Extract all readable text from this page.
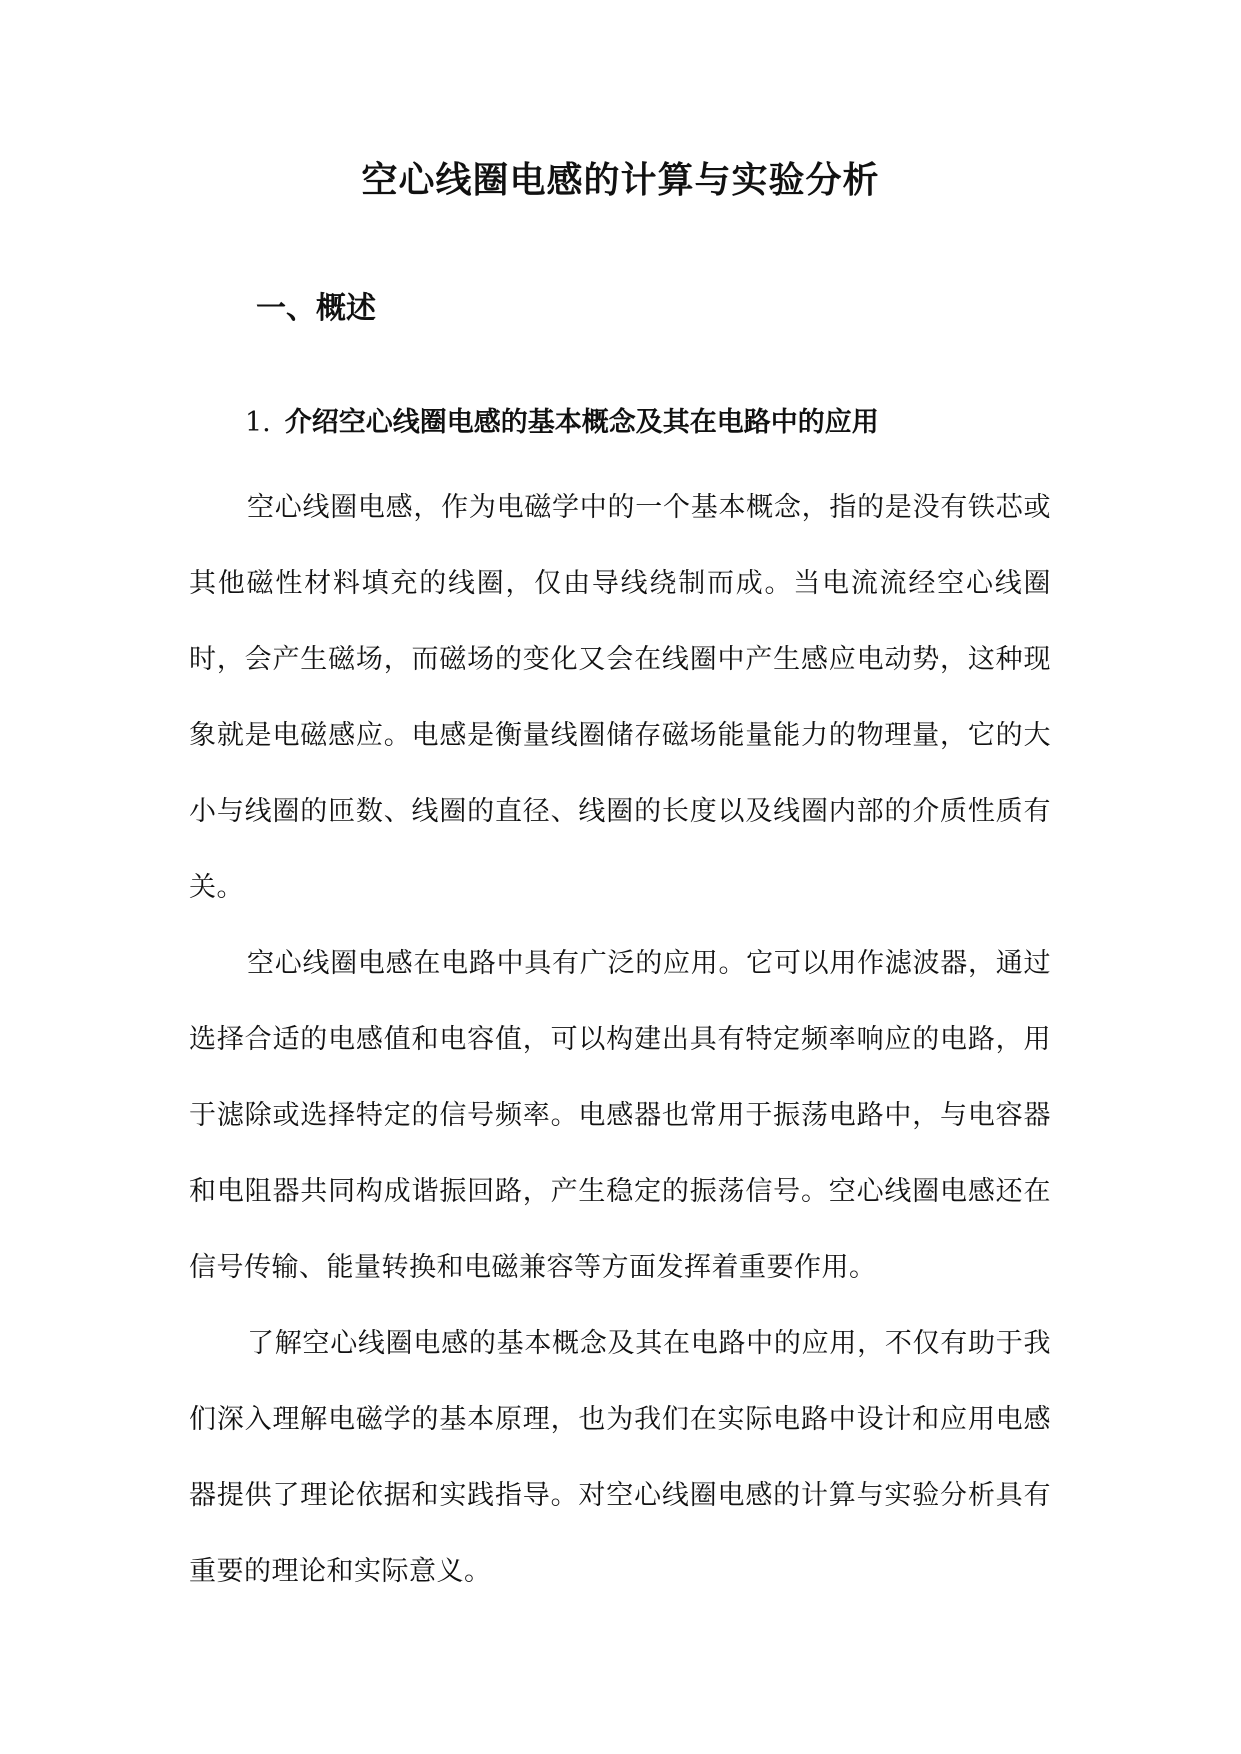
空心线圈电感的计算与实验分析
一、概述
1. 介绍空心线圈电感的基本概念及其在电路中的应用

空心线圈电感，作为电磁学中的一个基本概念，指的是没有铁芯或其他磁性材料填充的线圈，仅由导线绕制而成。当电流流经空心线圈时，会产生磁场，而磁场的变化又会在线圈中产生感应电动势，这种现象就是电磁感应。电感是衡量线圈储存磁场能量能力的物理量，它的大小与线圈的匝数、线圈的直径、线圈的长度以及线圈内部的介质性质有关。

空心线圈电感在电路中具有广泛的应用。它可以用作滤波器，通过选择合适的电感值和电容值，可以构建出具有特定频率响应的电路，用于滤除或选择特定的信号频率。电感器也常用于振荡电路中，与电容器和电阻器共同构成谐振回路，产生稳定的振荡信号。空心线圈电感还在信号传输、能量转换和电磁兼容等方面发挥着重要作用。

了解空心线圈电感的基本概念及其在电路中的应用，不仅有助于我们深入理解电磁学的基本原理，也为我们在实际电路中设计和应用电感器提供了理论依据和实践指导。对空心线圈电感的计算与实验分析具有重要的理论和实际意义。
